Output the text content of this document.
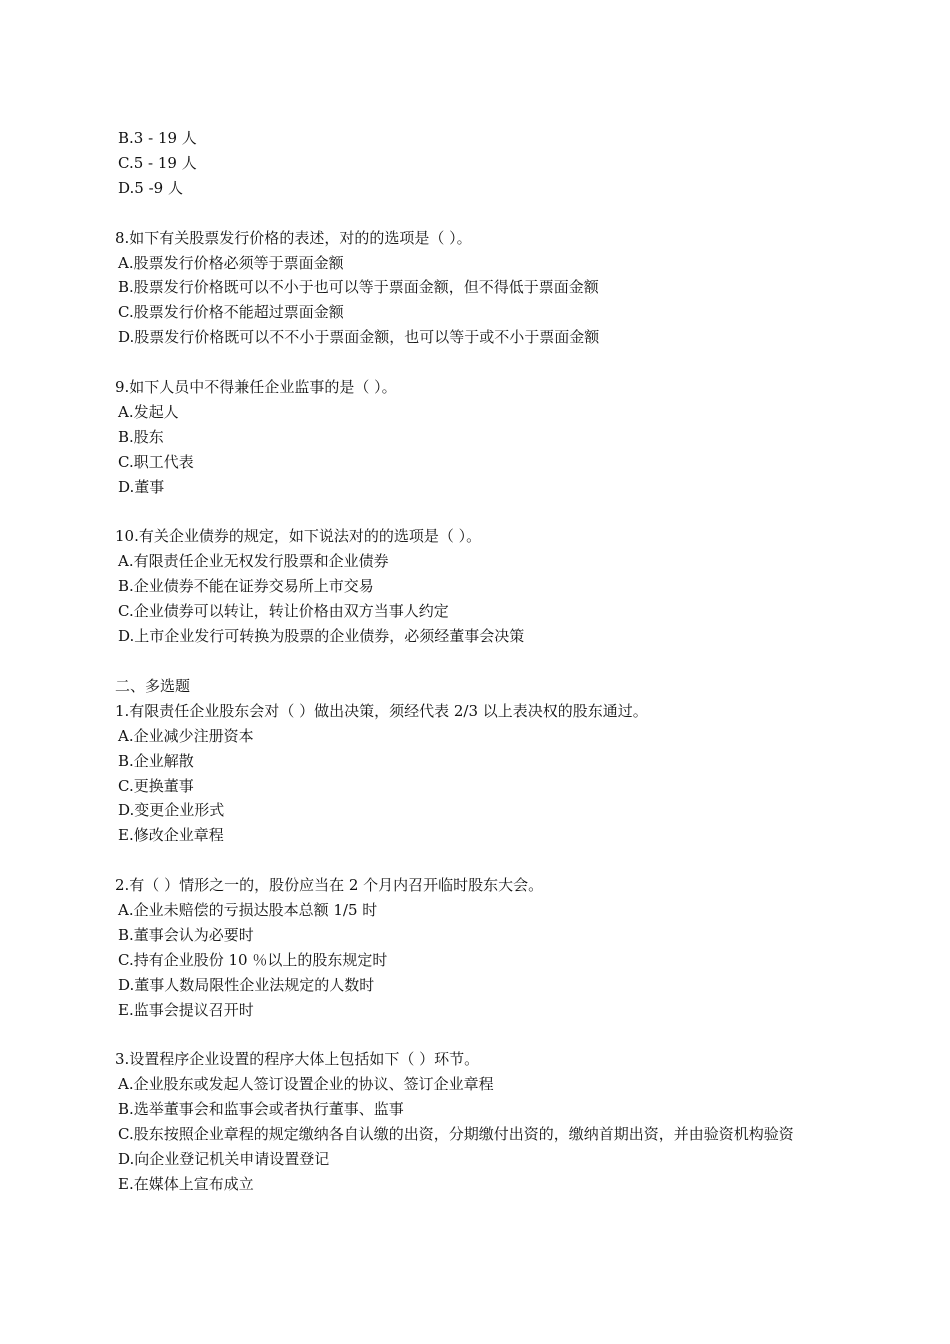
B.3 - 19 人
C.5 - 19 人
D.5 -9 人
8.如下有关股票发行价格的表述，对的的选项是（ ）。
A.股票发行价格必须等于票面金额
B.股票发行价格既可以不小于也可以等于票面金额，但不得低于票面金额
C.股票发行价格不能超过票面金额
D.股票发行价格既可以不不小于票面金额，也可以等于或不小于票面金额
9.如下人员中不得兼任企业监事的是（ ）。
A.发起人
B.股东
C.职工代表
D.董事
10.有关企业债券的规定，如下说法对的的选项是（ ）。
A.有限责任企业无权发行股票和企业债券
B.企业债券不能在证券交易所上市交易
C.企业债券可以转让，转让价格由双方当事人约定
D.上市企业发行可转换为股票的企业债券，必须经董事会决策
二、多选题
1.有限责任企业股东会对（ ）做出决策，须经代表 2/3 以上表决权的股东通过。
A.企业减少注册资本
B.企业解散
C.更换董事
D.变更企业形式
E.修改企业章程
2.有（ ）情形之一的，股份应当在 2 个月内召开临时股东大会。
A.企业未赔偿的亏损达股本总额 1/5 时
B.董事会认为必要时
C.持有企业股份 10 ％以上的股东规定时
D.董事人数局限性企业法规定的人数时
E.监事会提议召开时
3.设置程序企业设置的程序大体上包括如下（ ）环节。
A.企业股东或发起人签订设置企业的协议、签订企业章程
B.选举董事会和监事会或者执行董事、监事
C.股东按照企业章程的规定缴纳各自认缴的出资，分期缴付出资的，缴纳首期出资，并由验资机构验资
D.向企业登记机关申请设置登记
E.在媒体上宣布成立
